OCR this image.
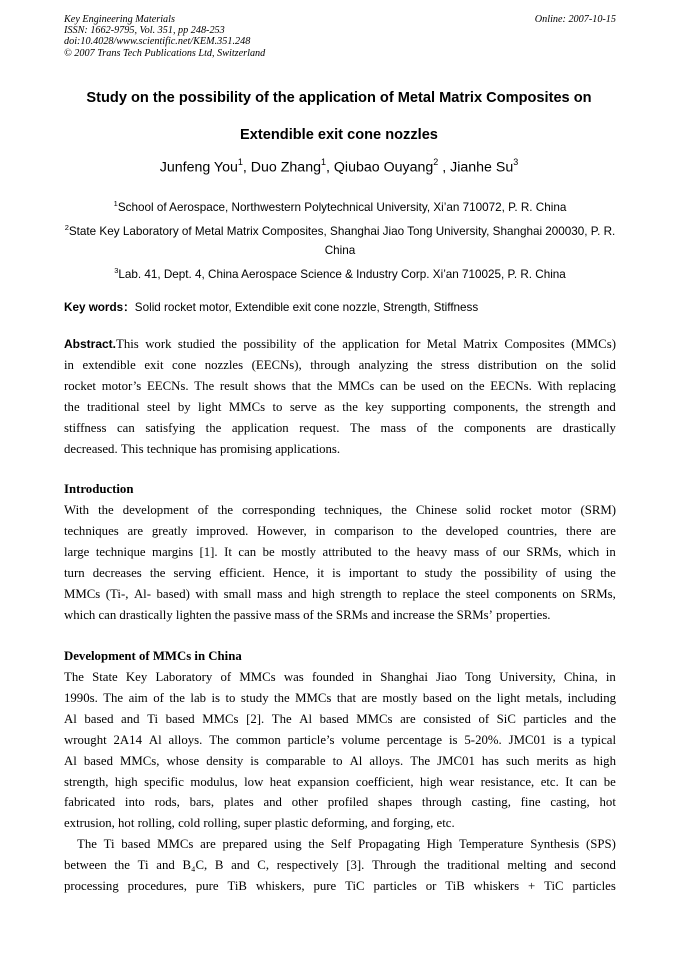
Key Engineering Materials
ISSN: 1662-9795, Vol. 351, pp 248-253
doi:10.4028/www.scientific.net/KEM.351.248
© 2007 Trans Tech Publications Ltd, Switzerland
Online: 2007-10-15
Study on the possibility of the application of Metal Matrix Composites on
Extendible exit cone nozzles
Junfeng You$^1$, Duo Zhang$^1$, Qiubao Ouyang$^2$ , Jianhe Su$^3$
$^1$School of Aerospace, Northwestern Polytechnical University, Xi’an 710072, P. R. China
$^2$State Key Laboratory of Metal Matrix Composites, Shanghai Jiao Tong University, Shanghai 200030, P. R. China
$^3$Lab. 41, Dept. 4, China Aerospace Science & Industry Corp. Xi’an 710025, P. R. China
Key words：Solid rocket motor, Extendible exit cone nozzle, Strength, Stiffness
Abstract. This work studied the possibility of the application for Metal Matrix Composites (MMCs)
in extendible exit cone nozzles (EECNs), through analyzing the stress distribution on the solid
rocket motor’s EECNs. The result shows that the MMCs can be used on the EECNs. With replacing
the traditional steel by light MMCs to serve as the key supporting components, the strength and
stiffness can satisfying the application request. The mass of the components are drastically
decreased. This technique has promising applications.
Introduction
With the development of the corresponding techniques, the Chinese solid rocket motor (SRM)
techniques are greatly improved. However, in comparison to the developed countries, there are
large technique margins [1]. It can be mostly attributed to the heavy mass of our SRMs, which in
turn decreases the serving efficient. Hence, it is important to study the possibility of using the
MMCs (Ti-, Al- based) with small mass and high strength to replace the steel components on SRMs,
which can drastically lighten the passive mass of the SRMs and increase the SRMs’ properties.
Development of MMCs in China
The State Key Laboratory of MMCs was founded in Shanghai Jiao Tong University, China, in
1990s. The aim of the lab is to study the MMCs that are mostly based on the light metals, including
Al based and Ti based MMCs [2]. The Al based MMCs are consisted of SiC particles and the
wrought 2A14 Al alloys. The common particle’s volume percentage is 5-20%. JMC01 is a typical
Al based MMCs, whose density is comparable to Al alloys. The JMC01 has such merits as high
strength, high specific modulus, low heat expansion coefficient, high wear resistance, etc. It can be
fabricated into rods, bars, plates and other profiled shapes through casting, fine casting, hot
extrusion, hot rolling, cold rolling, super plastic deforming, and forging, etc.
The Ti based MMCs are prepared using the Self Propagating High Temperature Synthesis (SPS)
between the Ti and B₄C, B and C, respectively [3]. Through the traditional melting and second
processing procedures, pure TiB whiskers, pure TiC particles or TiB whiskers + TiC particles
